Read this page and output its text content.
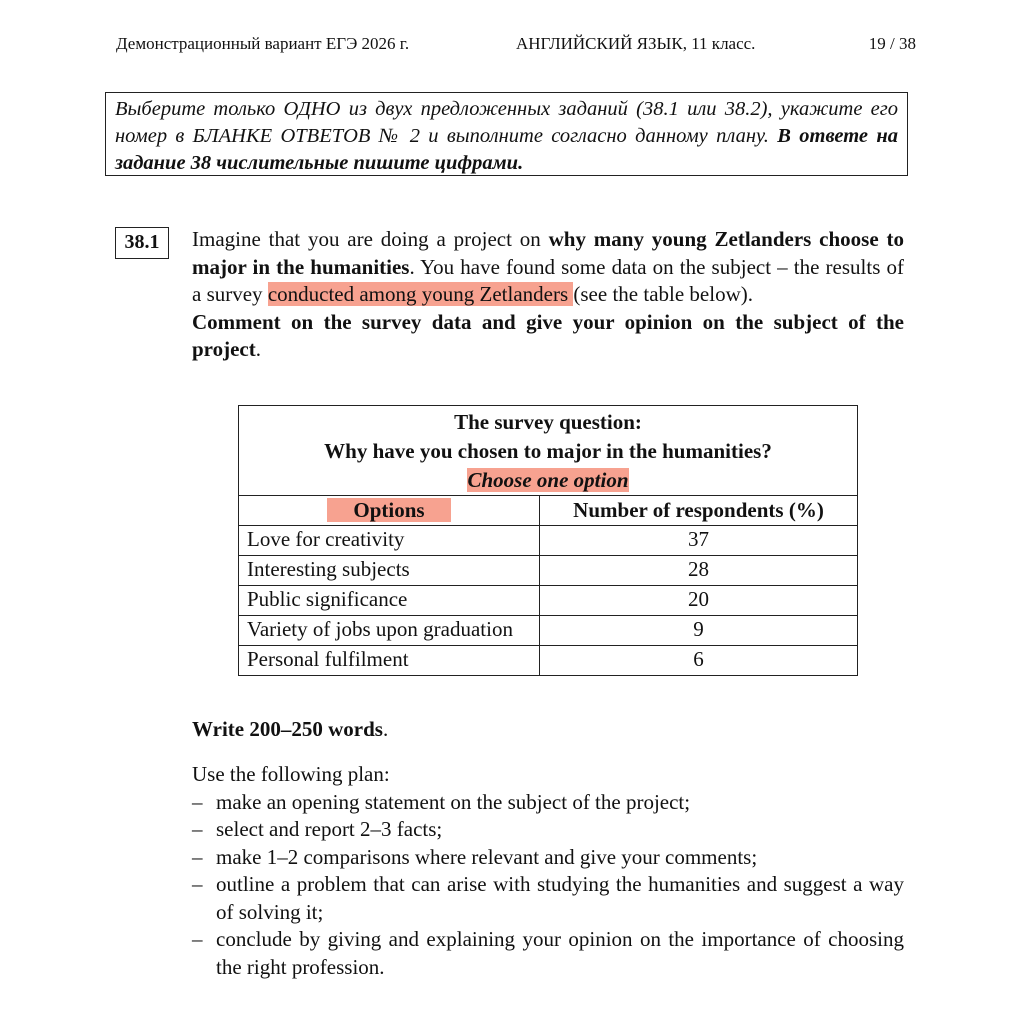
Демонстрационный вариант ЕГЭ 2026 г.	АНГЛИЙСКИЙ ЯЗЫК, 11 класс.	19 / 38
Выберите только ОДНО из двух предложенных заданий (38.1 или 38.2), укажите его номер в БЛАНКЕ ОТВЕТОВ № 2 и выполните согласно данному плану. В ответе на задание 38 числительные пишите цифрами.
38.1	Imagine that you are doing a project on why many young Zetlanders choose to major in the humanities. You have found some data on the subject – the results of a survey conducted among young Zetlanders (see the table below).

Comment on the survey data and give your opinion on the subject of the project.

The survey question:
Why have you chosen to major in the humanities?
Choose one option	

Options	Number of respondents (%)
Love for creativity	37
Interesting subjects	28
Public significance	20
Variety of jobs upon graduation	9
Personal fulfilment	6
Write 200–250 words.
Use the following plan:
– make an opening statement on the subject of the project;
– select and report 2–3 facts;
– make 1–2 comparisons where relevant and give your comments;
– outline a problem that can arise with studying the humanities and suggest a way of solving it;
– conclude by giving and explaining your opinion on the importance of choosing the right profession.
